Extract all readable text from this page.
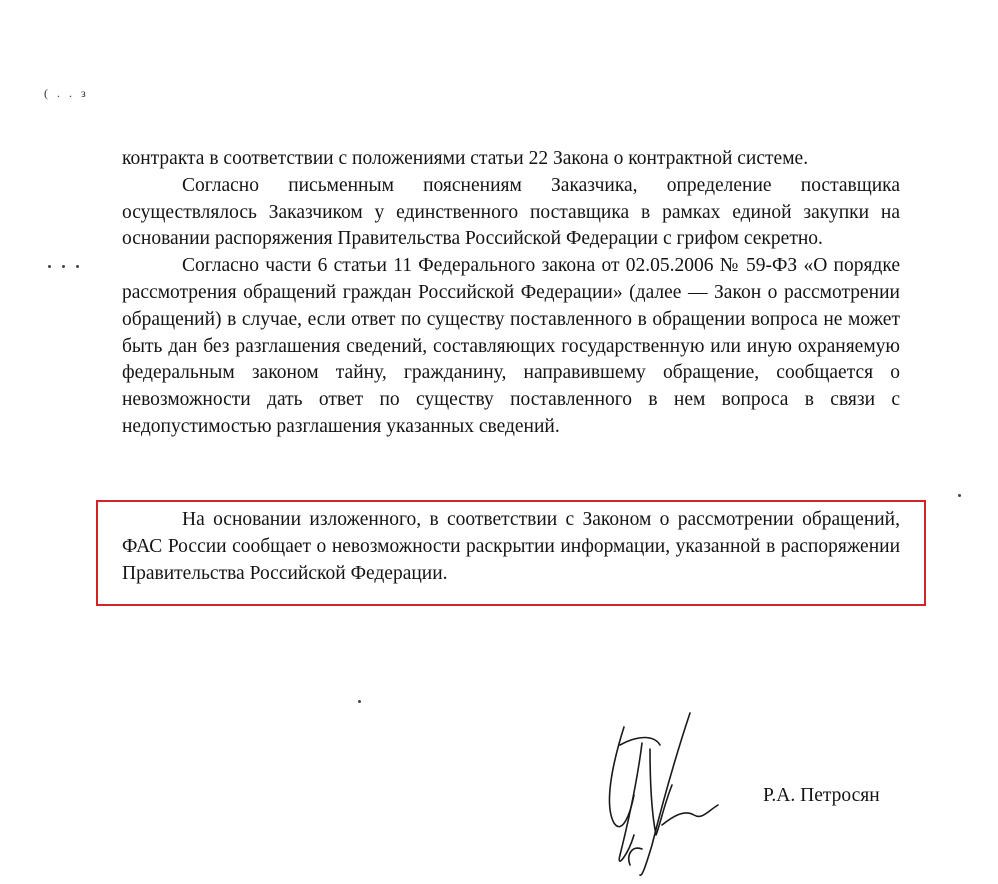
( . . з

контракта в соответствии с положениями статьи 22 Закона о контрактной системе.

Согласно письменным пояснениям Заказчика, определение поставщика осуществлялось Заказчиком у единственного поставщика в рамках единой закупки на основании распоряжения Правительства Российской Федерации с грифом секретно.

Согласно части 6 статьи 11 Федерального закона от 02.05.2006 № 59-ФЗ «О порядке рассмотрения обращений граждан Российской Федерации» (далее — Закон о рассмотрении обращений) в случае, если ответ по существу поставленного в обращении вопроса не может быть дан без разглашения сведений, составляющих государственную или иную охраняемую федеральным законом тайну, гражданину, направившему обращение, сообщается о невозможности дать ответ по существу поставленного в нем вопроса в связи с недопустимостью разглашения указанных сведений.

На основании изложенного, в соответствии с Законом о рассмотрении обращений, ФАС России сообщает о невозможности раскрытии информации, указанной в распоряжении Правительства Российской Федерации.

Р.А. Петросян
